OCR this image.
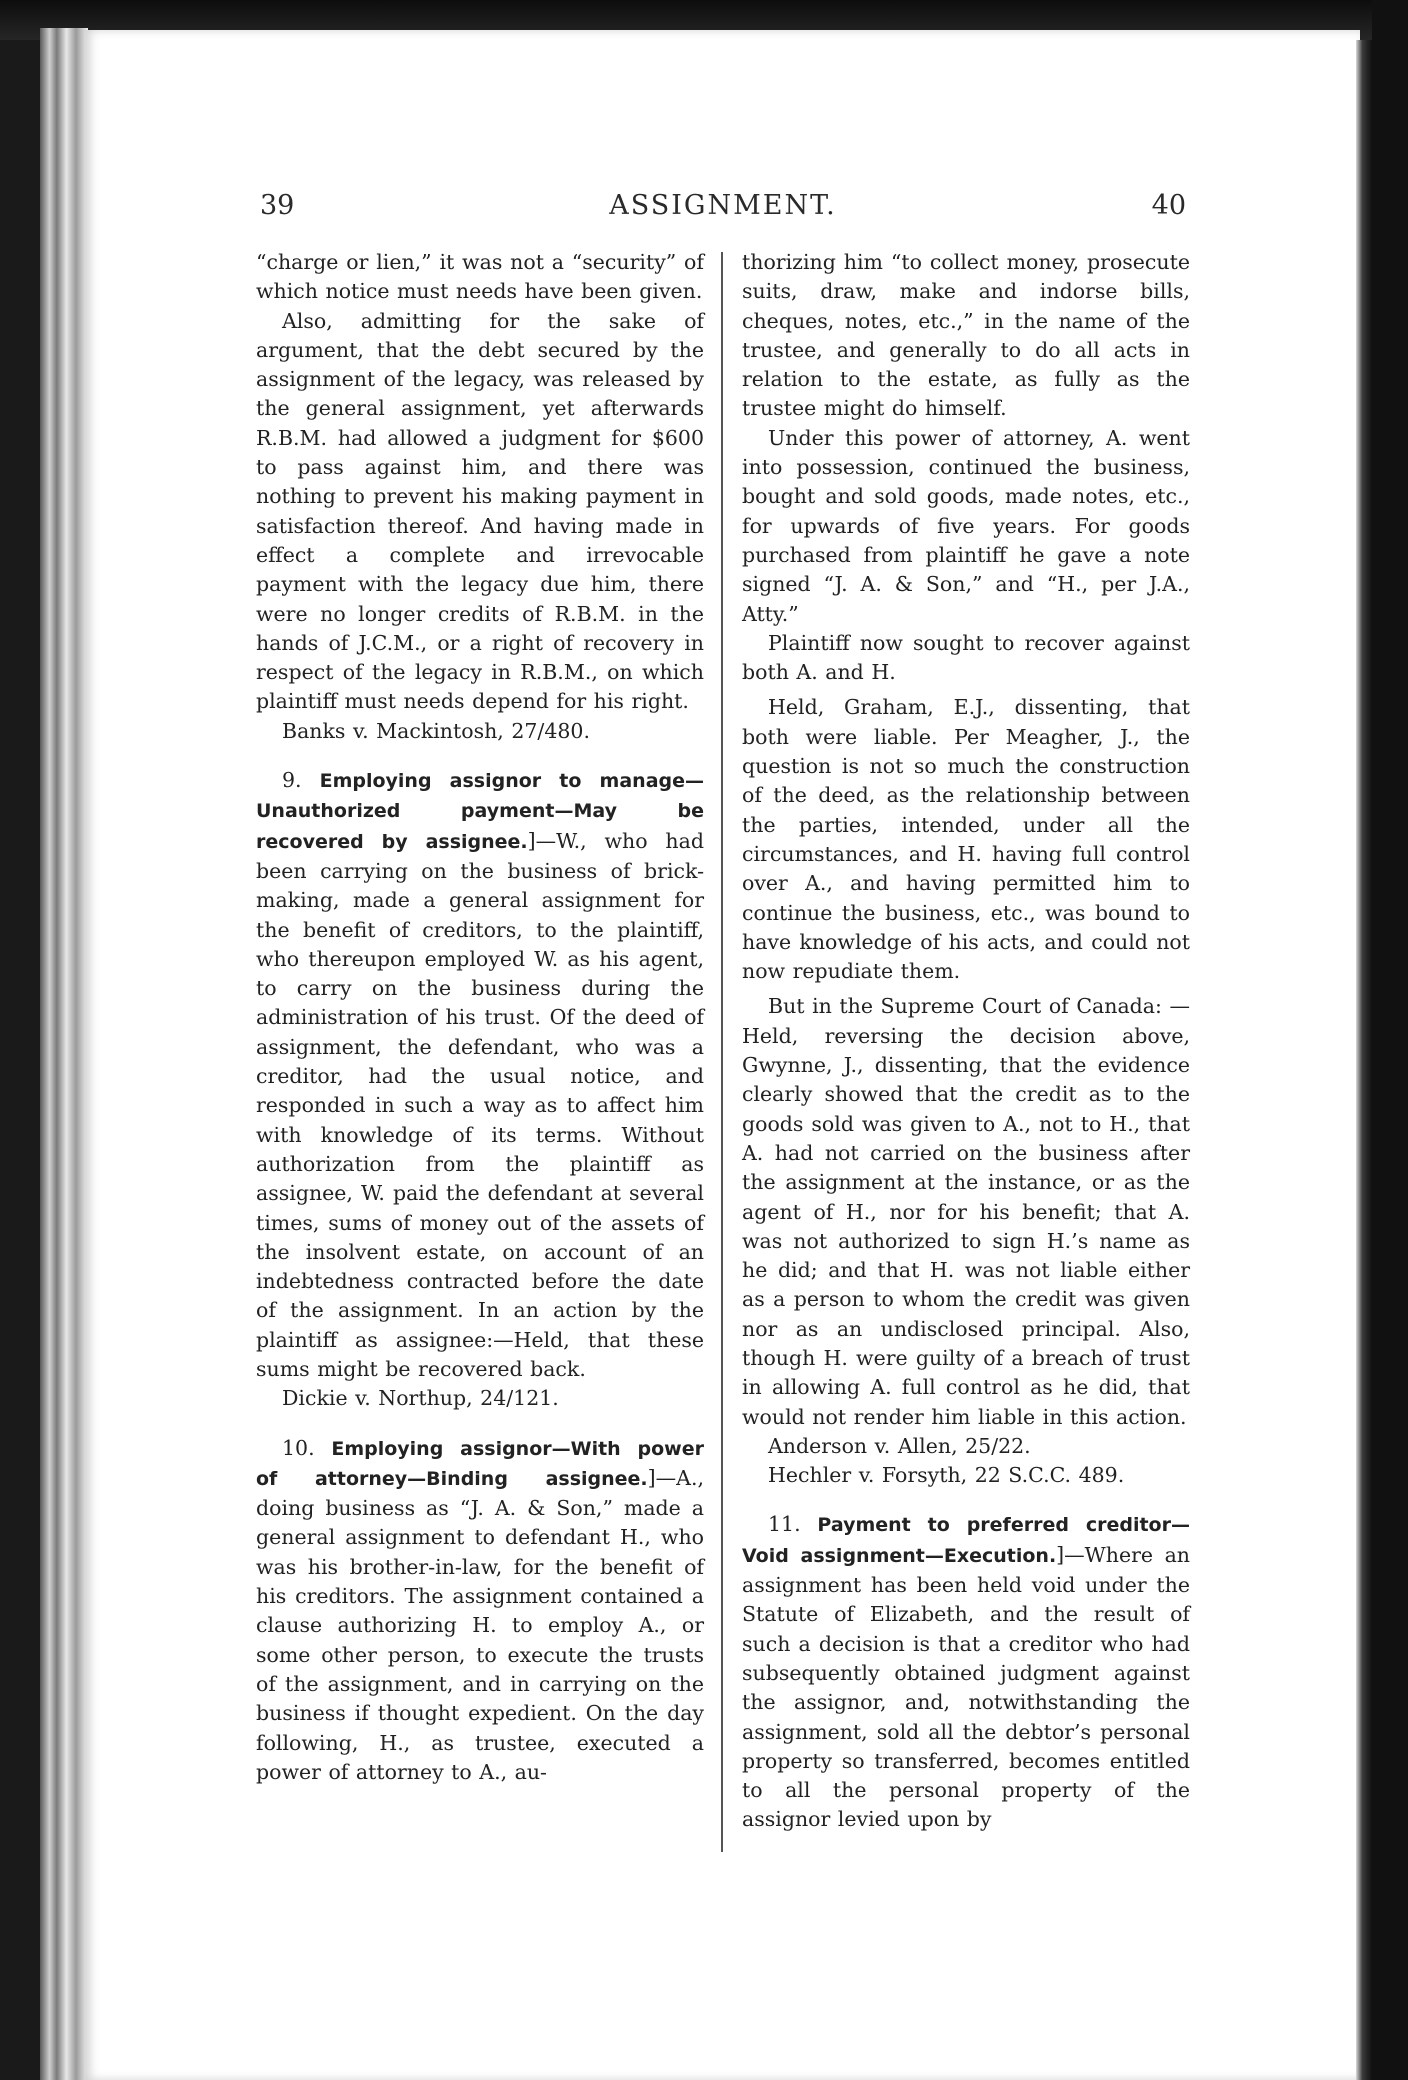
39	ASSIGNMENT.	40

“charge or lien,” it was not a “security” of which notice must needs have been given.

Also, admitting for the sake of argument, that the debt secured by the assignment of the legacy, was released by the general assignment, yet afterwards R.B.M. had allowed a judgment for $600 to pass against him, and there was nothing to prevent his making payment in satisfaction thereof. And having made in effect a complete and irrevocable payment with the legacy due him, there were no longer credits of R.B.M. in the hands of J.C.M., or a right of recovery in respect of the legacy in R.B.M., on which plaintiff must needs depend for his right.

Banks v. Mackintosh, 27/480.

9. Employing assignor to manage—Unauthorized payment—May be recovered by assignee.]—W., who had been carrying on the business of brick-making, made a general assignment for the benefit of creditors, to the plaintiff, who thereupon employed W. as his agent, to carry on the business during the administration of his trust. Of the deed of assignment, the defendant, who was a creditor, had the usual notice, and responded in such a way as to affect him with knowledge of its terms. Without authorization from the plaintiff as assignee, W. paid the defendant at several times, sums of money out of the assets of the insolvent estate, on account of an indebtedness contracted before the date of the assignment. In an action by the plaintiff as assignee:—Held, that these sums might be recovered back.

Dickie v. Northup, 24/121.

10. Employing assignor—With power of attorney—Binding assignee.]—A., doing business as “J. A. & Son,” made a general assignment to defendant H., who was his brother-in-law, for the benefit of his creditors. The assignment contained a clause authorizing H. to employ A., or some other person, to execute the trusts of the assignment, and in carrying on the business if thought expedient. On the day following, H., as trustee, executed a power of attorney to A., au-

thorizing him “to collect money, prosecute suits, draw, make and indorse bills, cheques, notes, etc.,” in the name of the trustee, and generally to do all acts in relation to the estate, as fully as the trustee might do himself.

Under this power of attorney, A. went into possession, continued the business, bought and sold goods, made notes, etc., for upwards of five years. For goods purchased from plaintiff he gave a note signed “J. A. & Son,” and “H., per J.A., Atty.”

Plaintiff now sought to recover against both A. and H.

Held, Graham, E.J., dissenting, that both were liable. Per Meagher, J., the question is not so much the construction of the deed, as the relationship between the parties, intended, under all the circumstances, and H. having full control over A., and having permitted him to continue the business, etc., was bound to have knowledge of his acts, and could not now repudiate them.

But in the Supreme Court of Canada: —Held, reversing the decision above, Gwynne, J., dissenting, that the evidence clearly showed that the credit as to the goods sold was given to A., not to H., that A. had not carried on the business after the assignment at the instance, or as the agent of H., nor for his benefit; that A. was not authorized to sign H.’s name as he did; and that H. was not liable either as a person to whom the credit was given nor as an undisclosed principal. Also, though H. were guilty of a breach of trust in allowing A. full control as he did, that would not render him liable in this action.

Anderson v. Allen, 25/22.

Hechler v. Forsyth, 22 S.C.C. 489.

11. Payment to preferred creditor—Void assignment—Execution.]—Where an assignment has been held void under the Statute of Elizabeth, and the result of such a decision is that a creditor who had subsequently obtained judgment against the assignor, and, notwithstanding the assignment, sold all the debtor’s personal property so transferred, becomes entitled to all the personal property of the assignor levied upon by
